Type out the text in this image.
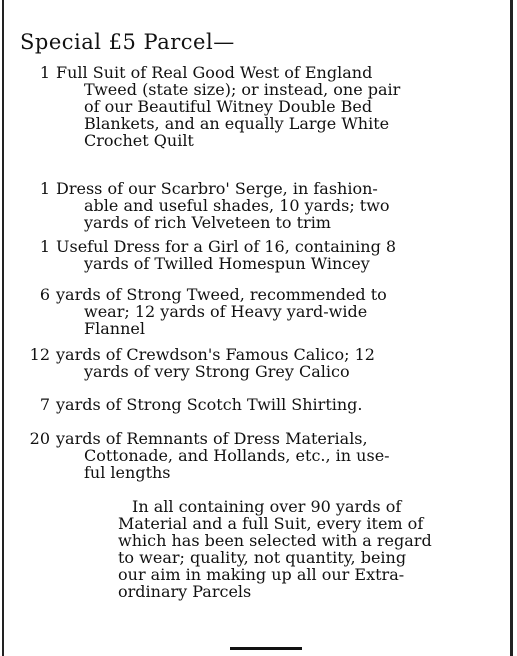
Special £5 Parcel—
1 Full Suit of Real Good West of England
Tweed (state size); or instead, one pair
of our Beautiful Witney Double Bed
Blankets, and an equally Large White
Crochet Quilt
1 Dress of our Scarbro' Serge, in fashion-
able and useful shades, 10 yards; two
yards of rich Velveteen to trim
1 Useful Dress for a Girl of 16, containing 8
yards of Twilled Homespun Wincey
6 yards of Strong Tweed, recommended to
wear; 12 yards of Heavy yard-wide
Flannel
12 yards of Crewdson's Famous Calico; 12
yards of very Strong Grey Calico
7 yards of Strong Scotch Twill Shirting.
20 yards of Remnants of Dress Materials,
Cottonade, and Hollands, etc., in use-
ful lengths
In all containing over 90 yards of
Material and a full Suit, every item of
which has been selected with a regard
to wear; quality, not quantity, being
our aim in making up all our Extra-
ordinary Parcels
